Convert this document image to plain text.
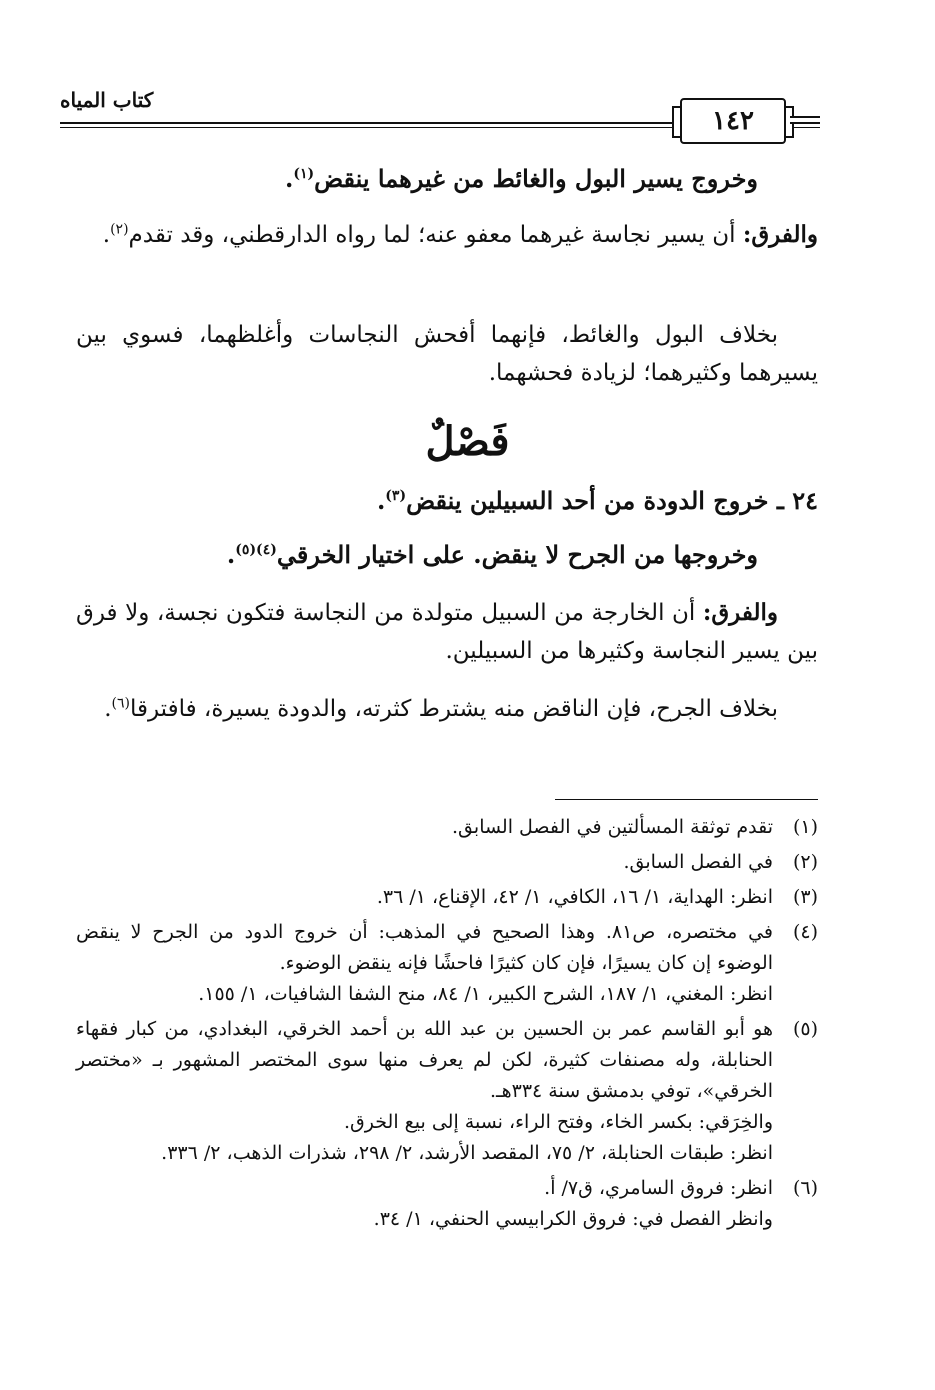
كتاب المياه
١٤٢
وخروج يسير البول والغائط من غيرهما ينقض$^{(١)}$.
والفرق: أن يسير نجاسة غيرهما معفو عنه؛ لما رواه الدارقطني، وقد تقدم$^{(٢)}$.
بخلاف البول والغائط، فإنهما أفحش النجاسات وأغلظهما، فسوي بين يسيرهما وكثيرهما؛ لزيادة فحشهما.
فَصْلٌ
٢٤ ـ خروج الدودة من أحد السبيلين ينقض$^{(٣)}$.
وخروجها من الجرح لا ينقض. على اختيار الخرقي$^{(٤)(٥)}$.
والفرق: أن الخارجة من السبيل متولدة من النجاسة فتكون نجسة، ولا فرق بين يسير النجاسة وكثيرها من السبيلين.
بخلاف الجرح، فإن الناقض منه يشترط كثرته، والدودة يسيرة، فافترقا$^{(٦)}$.
(١)

تقدم توثقة المسألتين في الفصل السابق.

(٢)

في الفصل السابق.

(٣)

انظر: الهداية، ١/ ١٦، الكافي، ١/ ٤٢، الإقناع، ١/ ٣٦.

(٤)

في مختصره، ص٨١. وهذا الصحيح في المذهب: أن خروج الدود من الجرح لا ينقض الوضوء إن كان يسيرًا، فإن كان كثيرًا فاحشًا فإنه ينقض الوضوء.

انظر: المغني، ١/ ١٨٧، الشرح الكبير، ١/ ٨٤، منح الشفا الشافيات، ١/ ١٥٥.

(٥)

هو أبو القاسم عمر بن الحسين بن عبد الله بن أحمد الخرقي، البغدادي، من كبار فقهاء الحنابلة، وله مصنفات كثيرة، لكن لم يعرف منها سوى المختصر المشهور بـ «مختصر الخرقي»، توفي بدمشق سنة ٣٣٤هـ.

والخِرَقي: بكسر الخاء، وفتح الراء، نسبة إلى بيع الخرق.

انظر: طبقات الحنابلة، ٢/ ٧٥، المقصد الأرشد، ٢/ ٢٩٨، شذرات الذهب، ٢/ ٣٣٦.

(٦)

انظر: فروق السامري، ق٧/ أ.

وانظر الفصل في: فروق الكرابيسي الحنفي، ١/ ٣٤.
